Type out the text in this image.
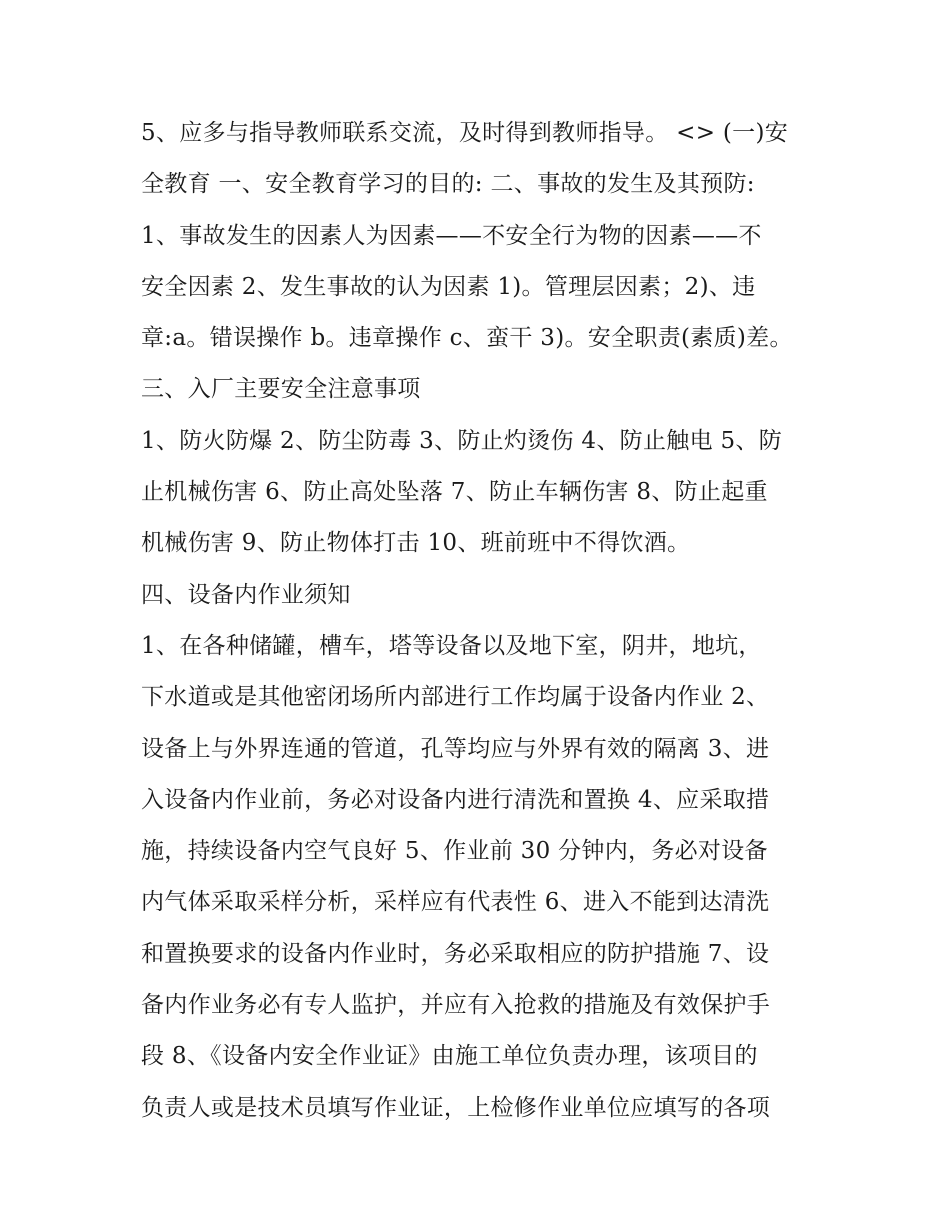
5、应多与指导教师联系交流，及时得到教师指导。 <> (一)安
全教育 一、安全教育学习的目的: 二、事故的发生及其预防:
1、事故发生的因素人为因素——不安全行为物的因素——不
安全因素 2、发生事故的认为因素 1)。管理层因素；2)、违
章:a。错误操作 b。违章操作 c、蛮干 3)。安全职责(素质)差。
三、入厂主要安全注意事项
1、防火防爆 2、防尘防毒 3、防止灼烫伤 4、防止触电 5、防
止机械伤害 6、防止高处坠落 7、防止车辆伤害 8、防止起重
机械伤害 9、防止物体打击 10、班前班中不得饮酒。
四、设备内作业须知
1、在各种储罐，槽车，塔等设备以及地下室，阴井，地坑，
下水道或是其他密闭场所内部进行工作均属于设备内作业 2、
设备上与外界连通的管道，孔等均应与外界有效的隔离 3、进
入设备内作业前，务必对设备内进行清洗和置换 4、应采取措
施，持续设备内空气良好 5、作业前 30 分钟内，务必对设备
内气体采取采样分析，采样应有代表性 6、进入不能到达清洗
和置换要求的设备内作业时，务必采取相应的防护措施 7、设
备内作业务必有专人监护，并应有入抢救的措施及有效保护手
段 8、《设备内安全作业证》由施工单位负责办理，该项目的
负责人或是技术员填写作业证，上检修作业单位应填写的各项
